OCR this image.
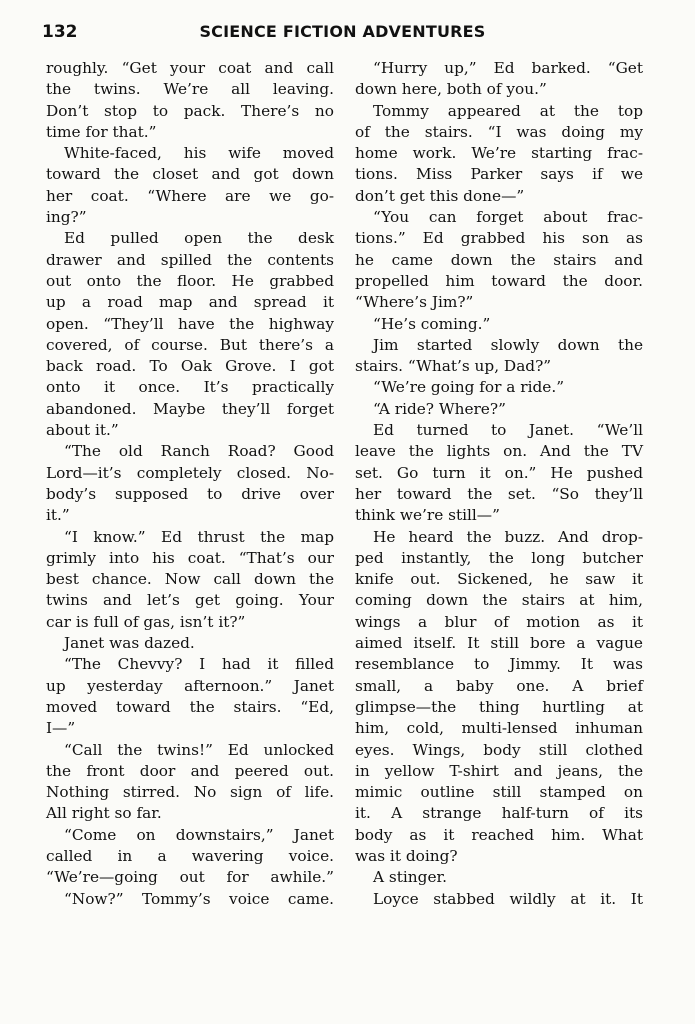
132	SCIENCE FICTION ADVENTURES
roughly. “Get your coat and call
the twins. We’re all leaving.
Don’t stop to pack. There’s no
time for that.”
White-faced, his wife moved
toward the closet and got down
her coat. “Where are we go-
ing?”
Ed pulled open the desk
drawer and spilled the contents
out onto the floor. He grabbed
up a road map and spread it
open. “They’ll have the highway
covered, of course. But there’s a
back road. To Oak Grove. I got
onto it once. It’s practically
abandoned. Maybe they’ll forget
about it.”
“The old Ranch Road? Good
Lord—it’s completely closed. No-
body’s supposed to drive over
it.”
“I know.” Ed thrust the map
grimly into his coat. “That’s our
best chance. Now call down the
twins and let’s get going. Your
car is full of gas, isn’t it?”
Janet was dazed.
“The Chevvy? I had it filled
up yesterday afternoon.” Janet
moved toward the stairs. “Ed,
I—”
“Call the twins!” Ed unlocked
the front door and peered out.
Nothing stirred. No sign of life.
All right so far.
“Come on downstairs,” Janet
called in a wavering voice.
“We’re—going out for awhile.”
“Now?” Tommy’s voice came.
“Hurry up,” Ed barked. “Get
down here, both of you.”
Tommy appeared at the top
of the stairs. “I was doing my
home work. We’re starting frac-
tions. Miss Parker says if we
don’t get this done—”
“You can forget about frac-
tions.” Ed grabbed his son as
he came down the stairs and
propelled him toward the door.
“Where’s Jim?”
“He’s coming.”
Jim started slowly down the
stairs. “What’s up, Dad?”
“We’re going for a ride.”
“A ride? Where?”
Ed turned to Janet. “We’ll
leave the lights on. And the TV
set. Go turn it on.” He pushed
her toward the set. “So they’ll
think we’re still—”
He heard the buzz. And drop-
ped instantly, the long butcher
knife out. Sickened, he saw it
coming down the stairs at him,
wings a blur of motion as it
aimed itself. It still bore a vague
resemblance to Jimmy. It was
small, a baby one. A brief
glimpse—the thing hurtling at
him, cold, multi-lensed inhuman
eyes. Wings, body still clothed
in yellow T-shirt and jeans, the
mimic outline still stamped on
it. A strange half-turn of its
body as it reached him. What
was it doing?
A stinger.
Loyce stabbed wildly at it. It
